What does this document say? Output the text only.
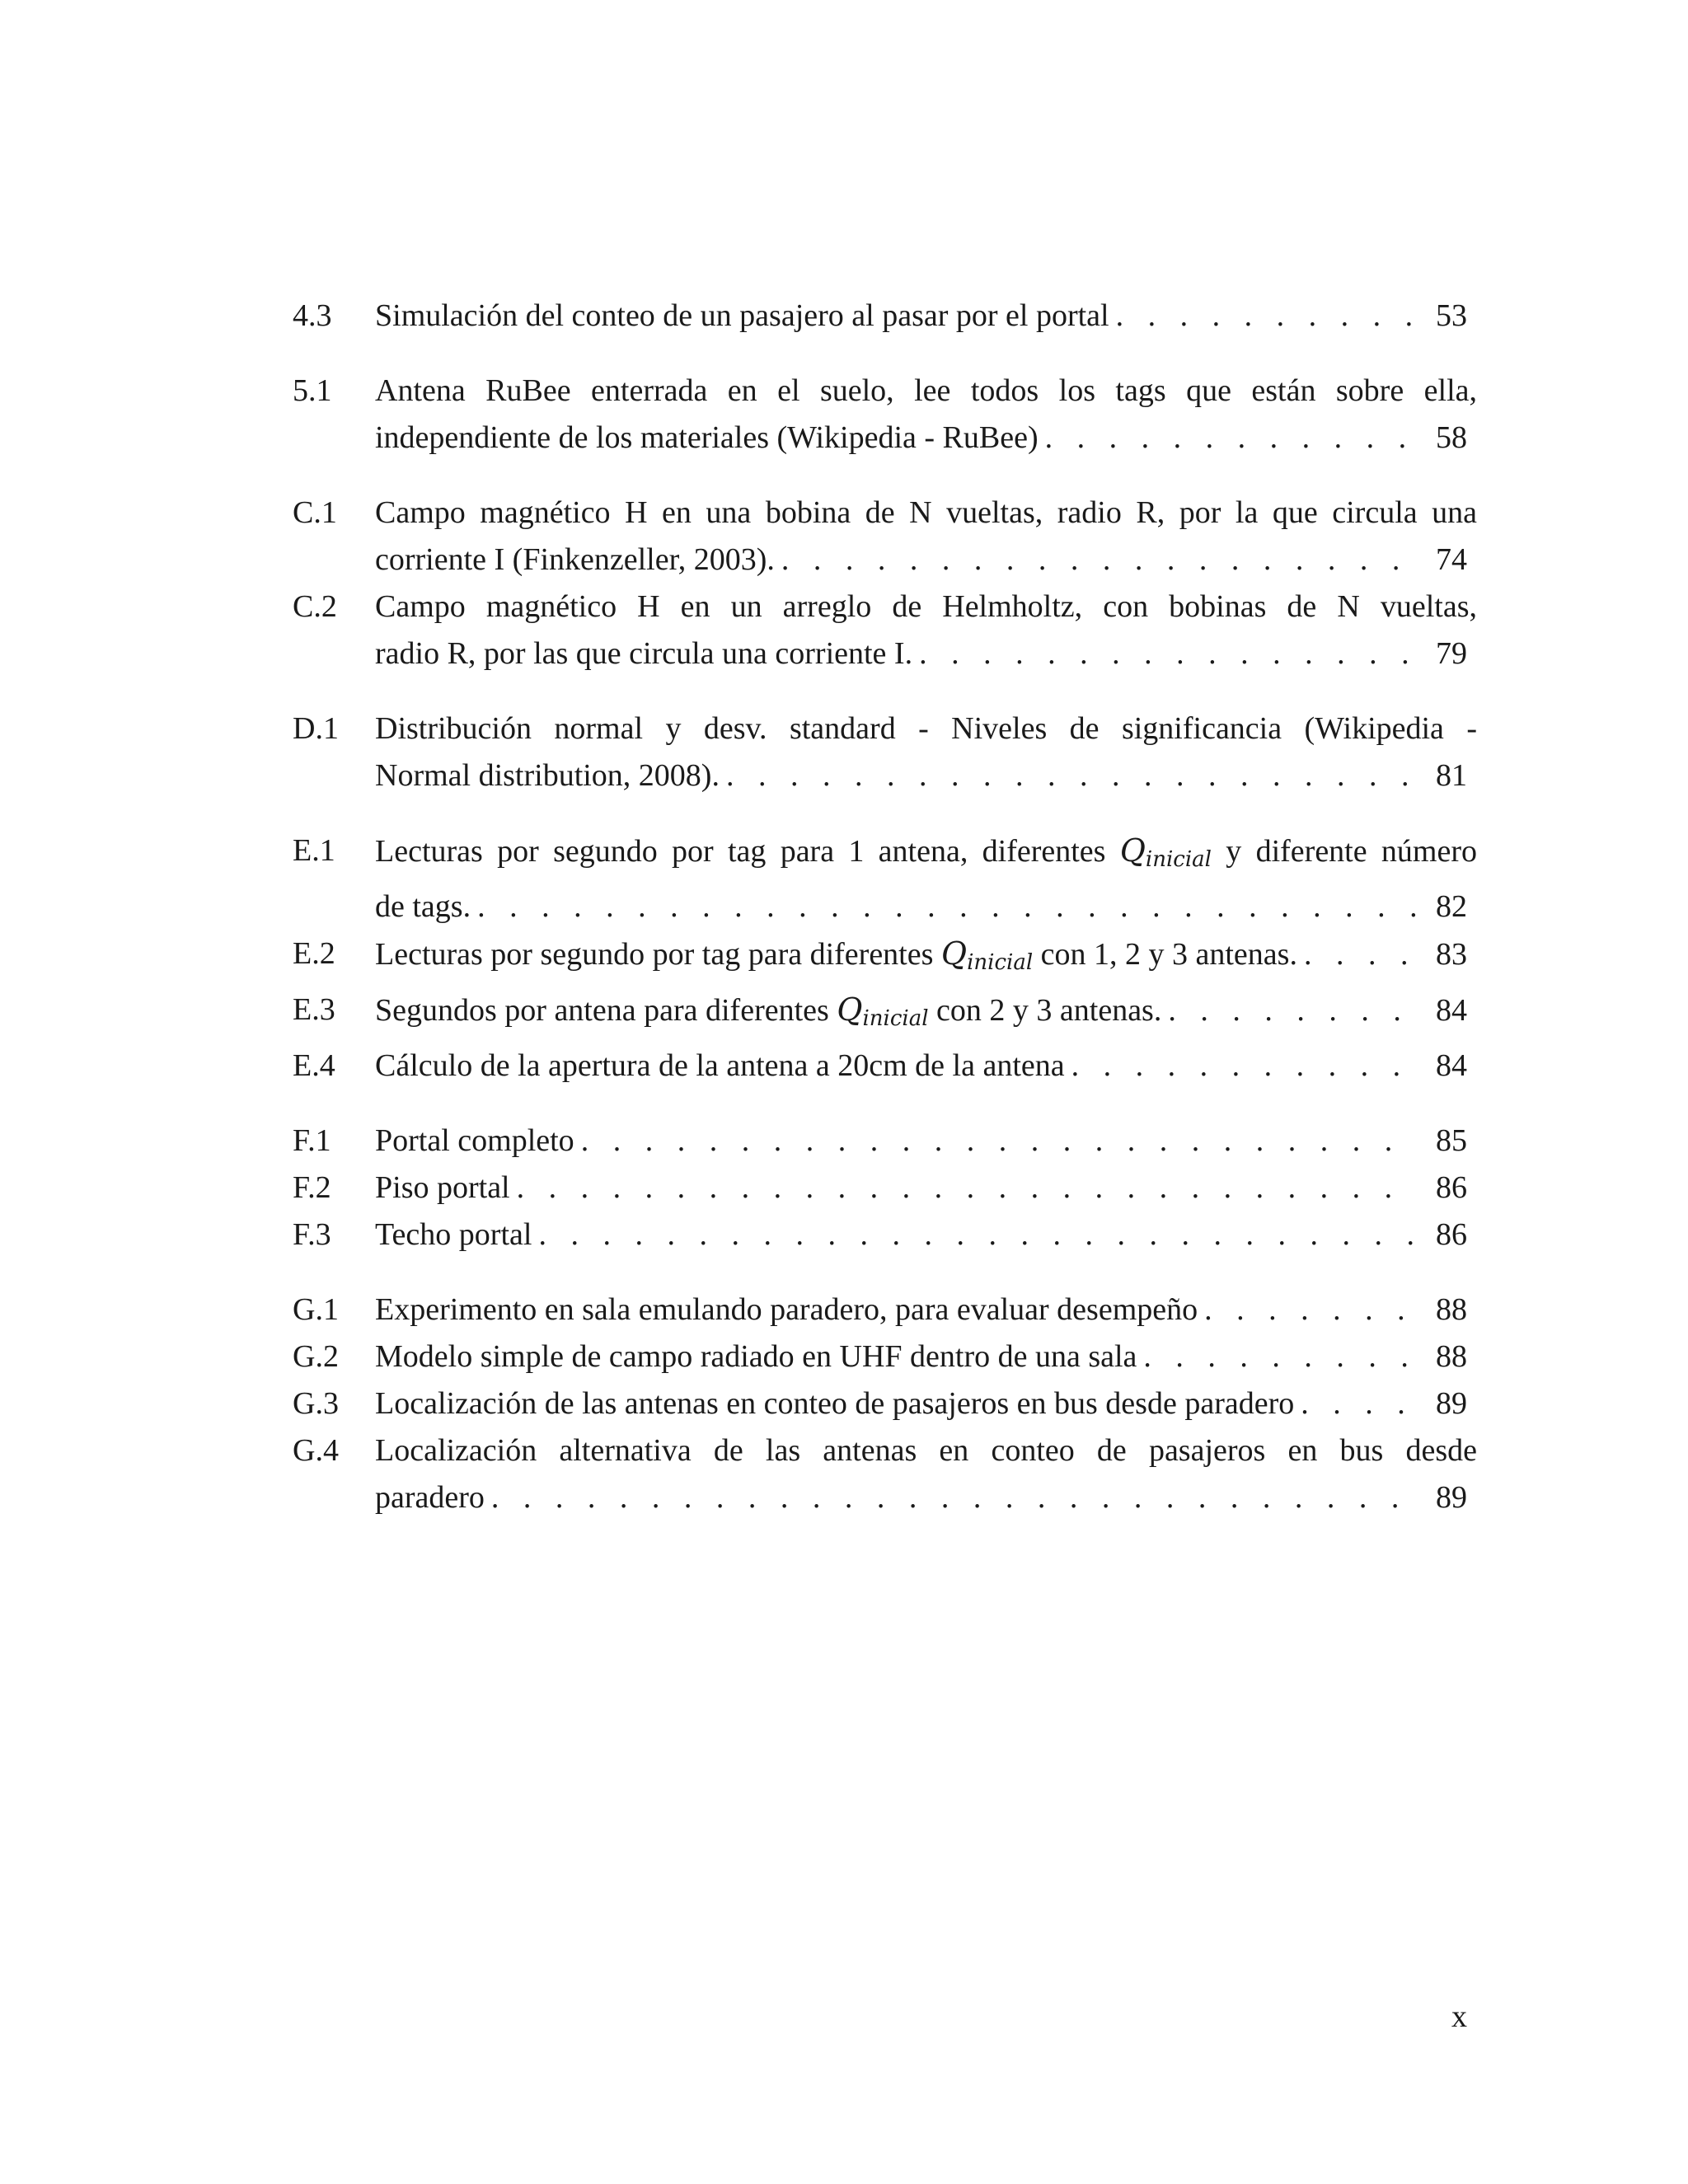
4.3	Simulación del conteo de un pasajero al pasar por el portal . . .	53
5.1	Antena RuBee enterrada en el suelo, lee todos los tags que están sobre ella,
independiente de los materiales (Wikipedia - RuBee) . . .	58
C.1	Campo magnético H en una bobina de N vueltas, radio R, por la que circula una
corriente I (Finkenzeller, 2003). . . .	74
C.2	Campo magnético H en un arreglo de Helmholtz, con bobinas de N vueltas,
radio R, por las que circula una corriente I. . . .	79
D.1	Distribución normal y desv. standard - Niveles de significancia (Wikipedia -
Normal distribution, 2008). . . .	81
E.1	Lecturas por segundo por tag para 1 antena, diferentes $Q_{inicial}$ y diferente número
de tags. . . .	82
E.2	Lecturas por segundo por tag para diferentes $Q_{inicial}$ con 1, 2 y 3 antenas. . . .	83
E.3	Segundos por antena para diferentes $Q_{inicial}$ con 2 y 3 antenas. . . .	84
E.4	Cálculo de la apertura de la antena a 20cm de la antena . . .	84
F.1	Portal completo . . .	85
F.2	Piso portal . . .	86
F.3	Techo portal . . .	86
G.1	Experimento en sala emulando paradero, para evaluar desempeño . . .	88
G.2	Modelo simple de campo radiado en UHF dentro de una sala . . .	88
G.3	Localización de las antenas en conteo de pasajeros en bus desde paradero . . .	89
G.4	Localización alternativa de las antenas en conteo de pasajeros en bus desde
paradero . . .	89
x
